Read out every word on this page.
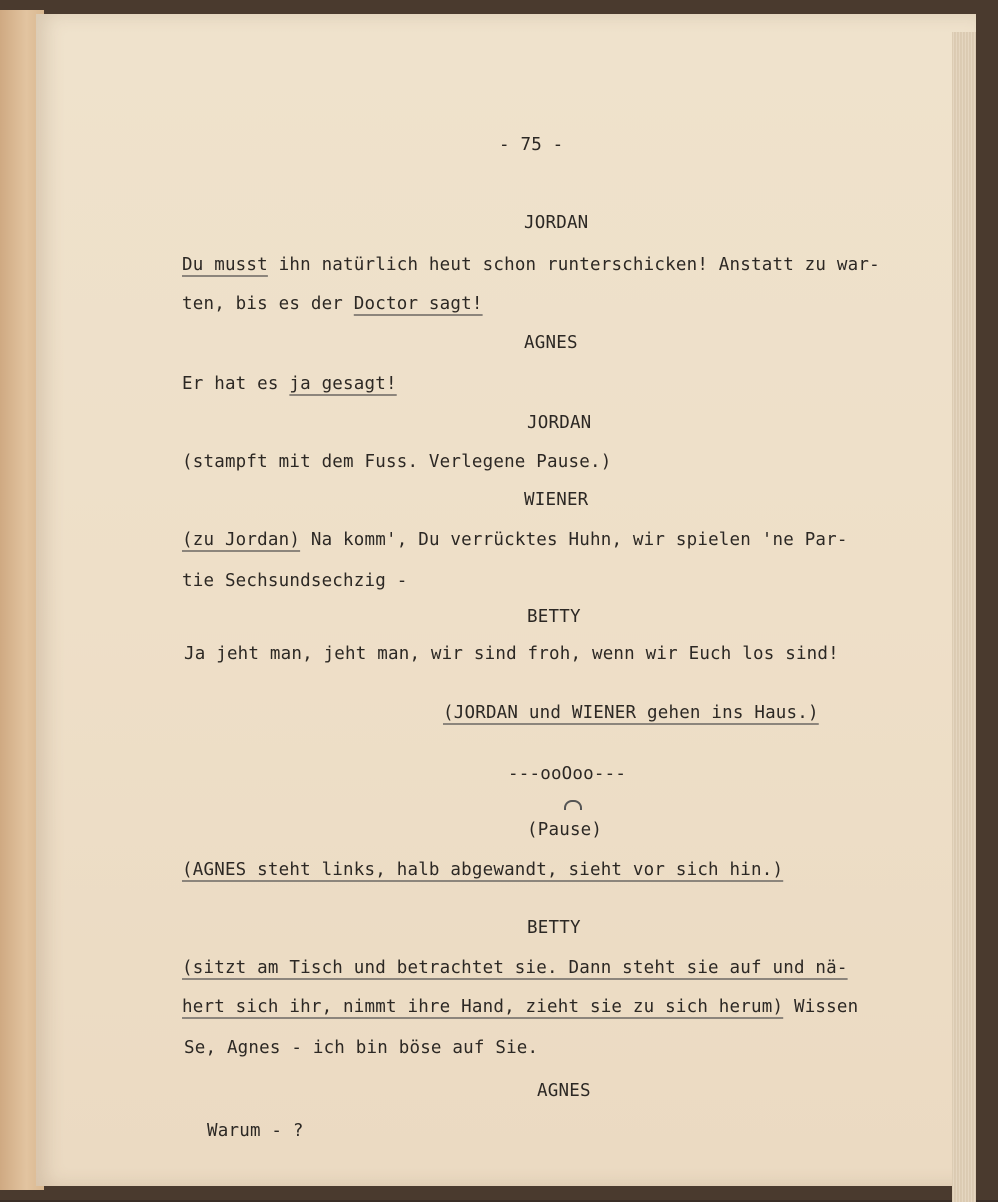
- 75 -
JORDAN
Du musst ihn natürlich heut schon runterschicken! Anstatt zu war-
ten, bis es der Doctor sagt!
AGNES
Er hat es ja gesagt!
JORDAN
(stampft mit dem Fuss. Verlegene Pause.)
WIENER
(zu Jordan) Na komm', Du verrücktes Huhn, wir spielen 'ne Par-
tie Sechsundsechzig -
BETTY
Ja jeht man, jeht man, wir sind froh, wenn wir Euch los sind!
(JORDAN und WIENER gehen ins Haus.)
---ooOoo---
(Pause)
(AGNES steht links, halb abgewandt, sieht vor sich hin.)
BETTY
(sitzt am Tisch und betrachtet sie. Dann steht sie auf und nä-
hert sich ihr, nimmt ihre Hand, zieht sie zu sich herum) Wissen
Se, Agnes - ich bin böse auf Sie.
AGNES
Warum - ?
